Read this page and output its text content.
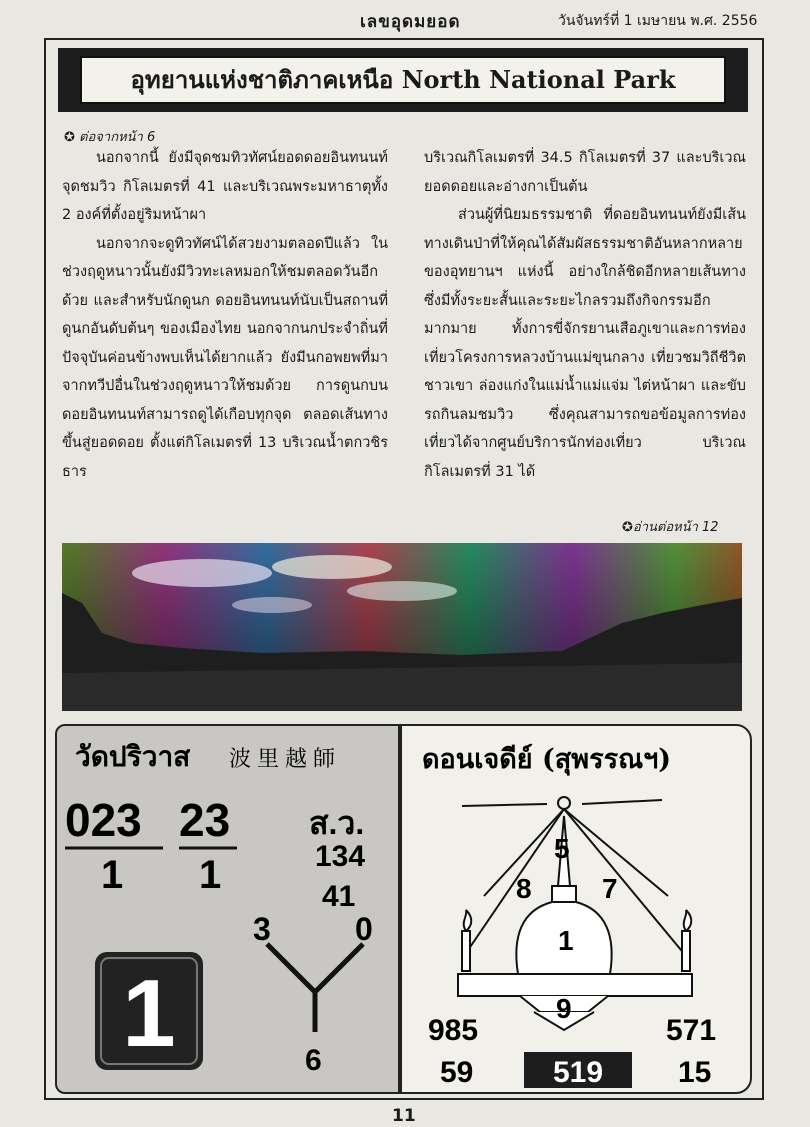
เลขอุดมยอด	วันจันทร์ที่ 1 เมษายน พ.ศ. 2556
อุทยานแห่งชาติภาคเหนือ North National Park
✪ ต่อจากหน้า 6

นอกจากนี้ ยังมีจุดชมทิวทัศน์ยอดดอยอินทนนท์ จุดชมวิว กิโลเมตรที่ 41 และบริเวณพระมหาธาตุทั้ง 2 องค์ที่ตั้งอยู่ริมหน้าผา

นอกจากจะดูทิวทัศน์ได้สวยงามตลอดปีแล้ว ในช่วงฤดูหนาวนั้นยังมีวิวทะเลหมอกให้ชมตลอดวันอีกด้วย และสำหรับนักดูนก ดอยอินทนนท์นับเป็นสถานที่ดูนกอันดับต้นๆ ของเมืองไทย นอกจากนกประจำถิ่นที่ปัจจุบันค่อนข้างพบเห็นได้ยากแล้ว ยังมีนกอพยพที่มาจากทวีปอื่นในช่วงฤดูหนาวให้ชมด้วย การดูนกบนดอยอินทนนท์สามารถดูได้เกือบทุกจุด ตลอดเส้นทางขึ้นสู่ยอดดอย ตั้งแต่กิโลเมตรที่ 13 บริเวณน้ำตกวชิรธาร

บริเวณกิโลเมตรที่ 34.5 กิโลเมตรที่ 37 และบริเวณยอดดอยและอ่างกาเป็นต้น

ส่วนผู้ที่นิยมธรรมชาติ ที่ดอยอินทนนท์ยังมีเส้นทางเดินป่าที่ให้คุณได้สัมผัสธรรมชาติอันหลากหลายของอุทยานฯ แห่งนี้ อย่างใกล้ชิดอีกหลายเส้นทาง ซึ่งมีทั้งระยะสั้นและระยะไกลรวมถึงกิจกรรมอีกมากมาย ทั้งการขี่จักรยานเสือภูเขาและการท่องเที่ยวโครงการหลวงบ้านแม่ขุนกลาง เที่ยวชมวิถีชีวิตชาวเขา ล่องแก่งในแม่น้ำแม่แจ่ม ไต่หน้าผา และขับรถกินลมชมวิว ซึ่งคุณสามารถขอข้อมูลการท่องเที่ยวได้จากศูนย์บริการนักท่องเที่ยว บริเวณกิโลเมตรที่ 31 ได้

✪อ่านต่อหน้า 12
วัดปริวาส 波里越師
023
1
23
1
ส.ว.
134
41
1
3	0
6
ดอนเจดีย์ (สุพรรณฯ)
5
8	7
1
9
985	571
59	519 15
11
